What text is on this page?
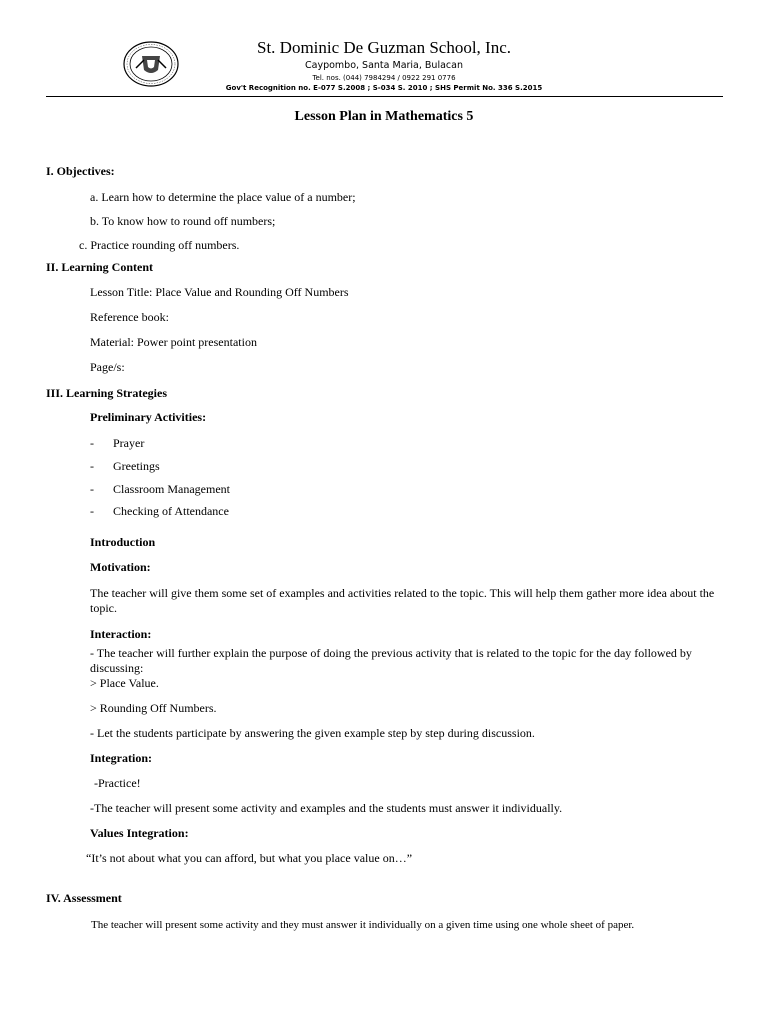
St. Dominic De Guzman School, Inc.
Caypombo, Santa Maria, Bulacan
Tel. nos. (044) 7984294 / 0922 291 0776
Gov't Recognition no. E-077 S.2008 ; S-034 S. 2010 ; SHS Permit No. 336 S.2015
Lesson Plan in Mathematics 5
I. Objectives:
a. Learn how to determine the place value of a number;
b. To know how to round off numbers;
c. Practice rounding off numbers.
II. Learning Content
Lesson Title: Place Value and Rounding Off Numbers
Reference book:
Material: Power point presentation
Page/s:
III. Learning Strategies
Preliminary Activities:
- Prayer
- Greetings
- Classroom Management
- Checking of Attendance
Introduction
Motivation:
The teacher will give them some set of examples and activities related to the topic. This will help them gather more idea about the topic.
Interaction:
- The teacher will further explain the purpose of doing the previous activity that is related to the topic for the day followed by discussing:
> Place Value.
> Rounding Off Numbers.
- Let the students participate by answering the given example step by step during discussion.
Integration:
-Practice!
-The teacher will present some activity and examples and the students must answer it individually.
Values Integration:
“It’s not about what you can afford, but what you place value on…”
IV. Assessment
The teacher will present some activity and they must answer it individually on a given time using one whole sheet of paper.
